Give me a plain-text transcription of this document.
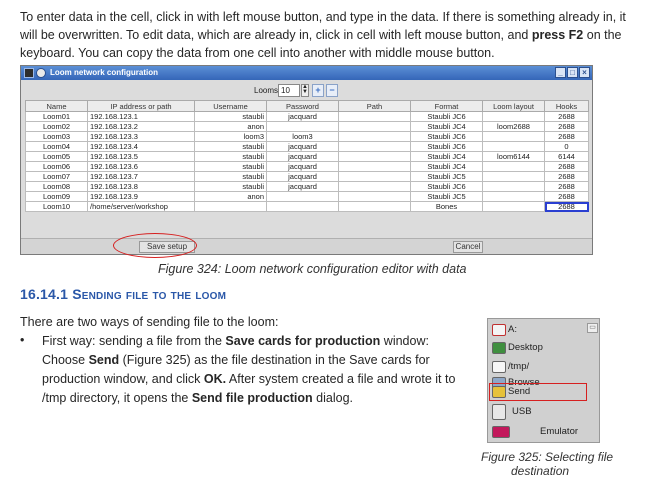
To enter data in the cell, click in with left mouse button, and type in the data. If there is something already in, it
will be overwritten. To edit data, which are already in, click in cell with left mouse button, and press F2 on the
keyboard. You can copy the data from one cell into another with middle mouse button.
Loom network configuration	_ □ ×
Looms 10	▲
▼ + −
Name	IP address or path	Username	Password	Path	Format	Loom layout	Hooks
Loom01	192.168.123.1	staubli	jacquard		Staubli JC6		2688
Loom02	192.168.123.2	anon			Staubli JC4	loom2688	2688
Loom03	192.168.123.3	loom3	loom3		Staubli JC6		2688
Loom04	192.168.123.4	staubli	jacquard		Staubli JC6		0
Loom05	192.168.123.5	staubli	jacquard		Staubli JC4	loom6144	6144
Loom06	192.168.123.6	staubli	jacquard		Staubli JC4		2688
Loom07	192.168.123.7	staubli	jacquard		Staubli JC5		2688
Loom08	192.168.123.8	staubli	jacquard		Staubli JC6		2688
Loom09	192.168.123.9	anon			Staubli JC5		2688
Loom10	/home/server/workshop				Bones		2688
Save setup	Cancel
Figure 324: Loom network configuration editor with data
16.14.1 Sending file to the loom
There are two ways of sending file to the loom:
• First way: sending a file from the Save cards for production window:
Choose Send (Figure 325) as the file destination in the Save cards for
production window, and click OK. After system created a file and wrote it to
/tmp directory, it opens the Send file production dialog.
▭
A:
Desktop
/tmp/
Browse
Send
USB
Emulator
Figure 325: Selecting file
destination
